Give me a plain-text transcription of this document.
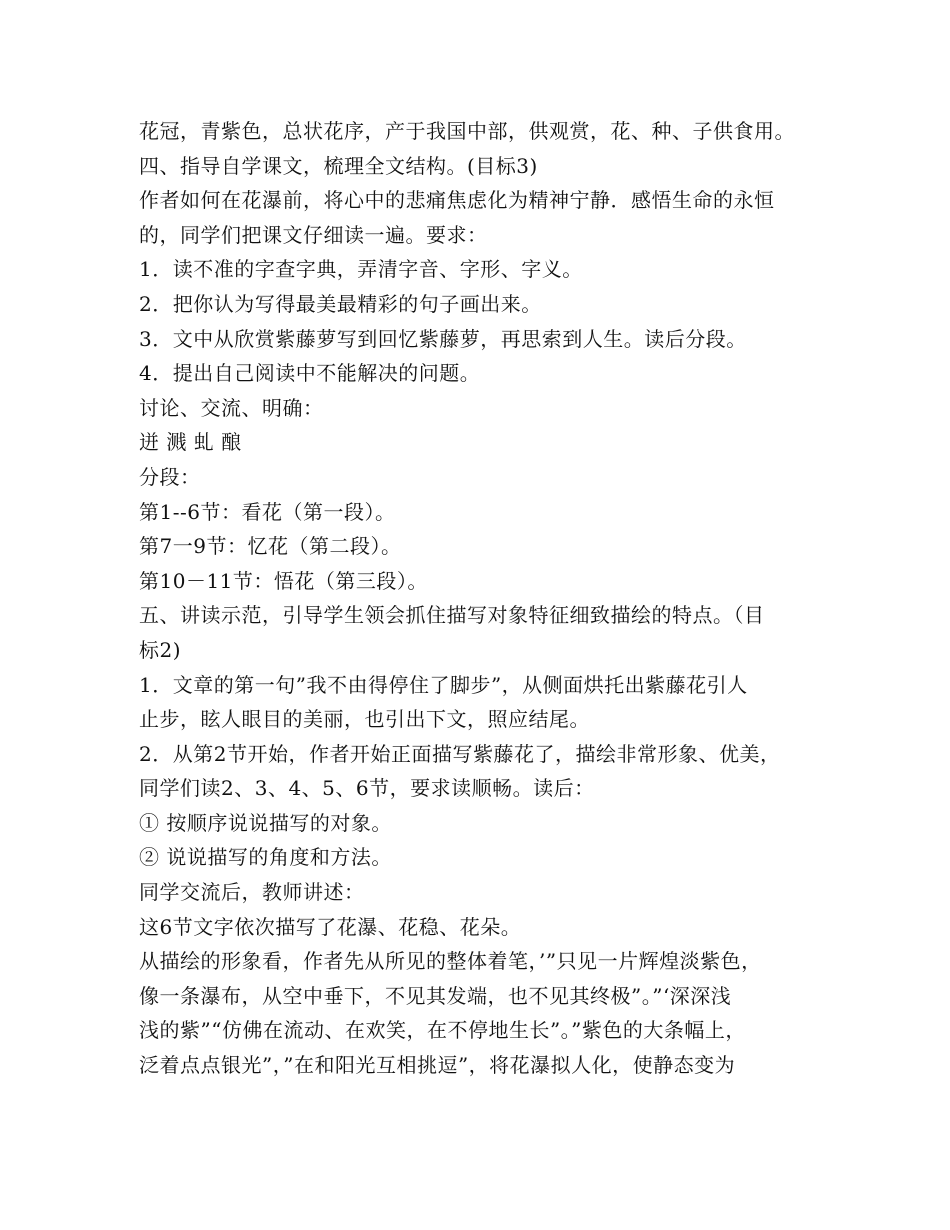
花冠，青紫色，总状花序，产于我国中部，供观赏，花、种、子供食用。
四、指导自学课文，梳理全文结构。(目标3)
作者如何在花瀑前，将心中的悲痛焦虑化为精神宁静．感悟生命的永恒
的，同学们把课文仔细读一遍。要求：
1．读不准的字查字典，弄清字音、字形、字义。
2．把你认为写得最美最精彩的句子画出来。
3．文中从欣赏紫藤萝写到回忆紫藤萝，再思索到人生。读后分段。
4．提出自己阅读中不能解决的问题。
讨论、交流、明确：
迸 溅 虬 酿
分段：
第1--6节：看花（第一段）。
第7一9节：忆花（第二段）。
第10－11节：悟花（第三段）。
五、讲读示范，引导学生领会抓住描写对象特征细致描绘的特点。（目
标2)
1．文章的第一句”我不由得停住了脚步”，从侧面烘托出紫藤花引人
止步，眩人眼目的美丽，也引出下文，照应结尾。
2．从第2节开始，作者开始正面描写紫藤花了，描绘非常形象、优美，
同学们读2、3、4、5、6节，要求读顺畅。读后：
① 按顺序说说描写的对象。
② 说说描写的角度和方法。
同学交流后，教师讲述：
这6节文字依次描写了花瀑、花稳、花朵。
从描绘的形象看，作者先从所见的整体着笔，’”只见一片辉煌淡紫色，
像一条瀑布，从空中垂下，不见其发端，也不见其终极”。”‘深深浅
浅的紫”“仿佛在流动、在欢笑，在不停地生长”。”紫色的大条幅上，
泛着点点银光”，”在和阳光互相挑逗”，将花瀑拟人化，使静态变为
